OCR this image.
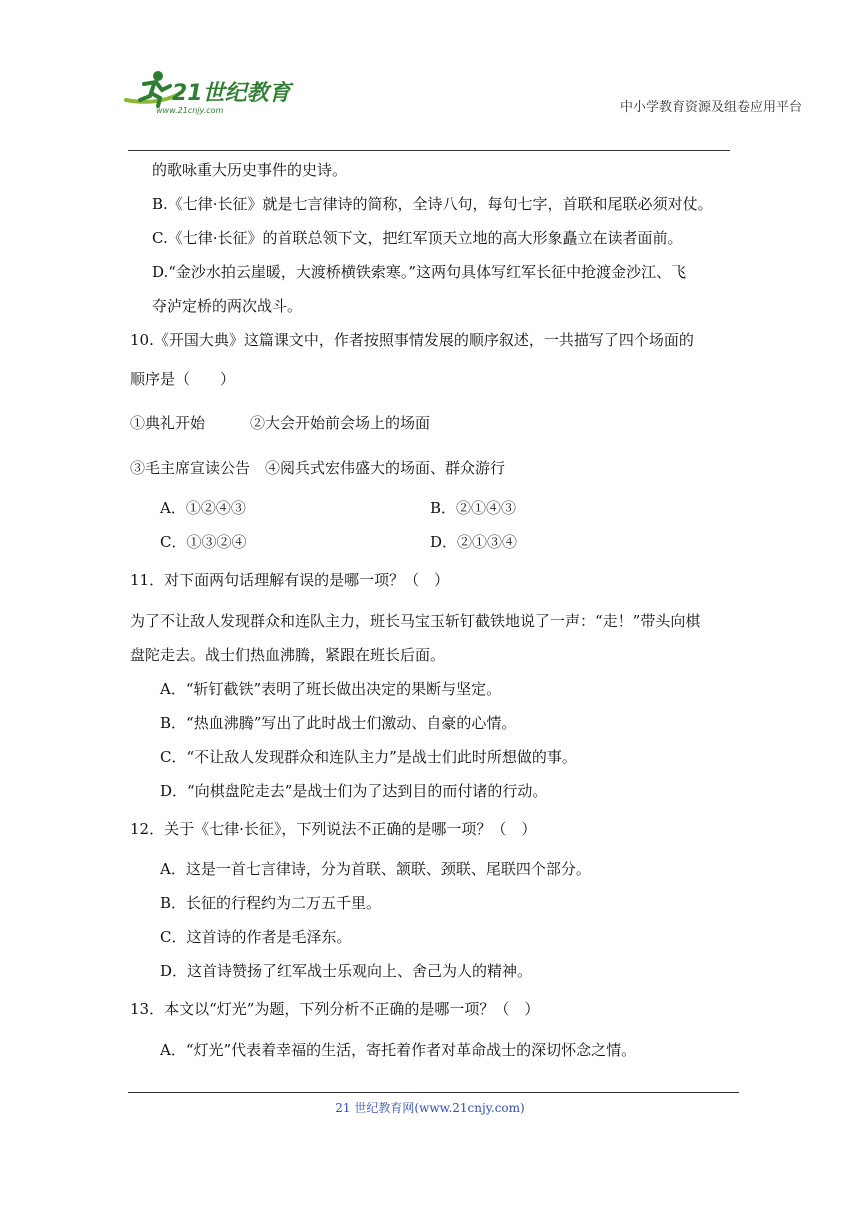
21世纪教育
www.21cnjy.com	中小学教育资源及组卷应用平台
的歌咏重大历史事件的史诗。
B.《七律·长征》就是七言律诗的简称，全诗八句，每句七字，首联和尾联必须对仗。
C.《七律·长征》的首联总领下文，把红军顶天立地的高大形象矗立在读者面前。
D.“金沙水拍云崖暖，大渡桥横铁索寒。”这两句具体写红军长征中抢渡金沙江、飞
夺泸定桥的两次战斗。
10.《开国大典》这篇课文中，作者按照事情发展的顺序叙述，一共描写了四个场面的
顺序是（　　）
①典礼开始　　　②大会开始前会场上的场面
③毛主席宣读公告　④阅兵式宏伟盛大的场面、群众游行
A．①②④③	B．②①④③
C．①③②④	D．②①③④
11．对下面两句话理解有误的是哪一项？（　）
为了不让敌人发现群众和连队主力，班长马宝玉斩钉截铁地说了一声：“走！”带头向棋
盘陀走去。战士们热血沸腾，紧跟在班长后面。
A．“斩钉截铁”表明了班长做出决定的果断与坚定。
B．“热血沸腾”写出了此时战士们激动、自豪的心情。
C．“不让敌人发现群众和连队主力”是战士们此时所想做的事。
D．“向棋盘陀走去”是战士们为了达到目的而付诸的行动。
12．关于《七律·长征》，下列说法不正确的是哪一项？（　）
A．这是一首七言律诗，分为首联、颔联、颈联、尾联四个部分。
B．长征的行程约为二万五千里。
C．这首诗的作者是毛泽东。
D．这首诗赞扬了红军战士乐观向上、舍己为人的精神。
13．本文以“灯光”为题，下列分析不正确的是哪一项？（　）
A．“灯光”代表着幸福的生活，寄托着作者对革命战士的深切怀念之情。
21 世纪教育网(www.21cnjy.com)
